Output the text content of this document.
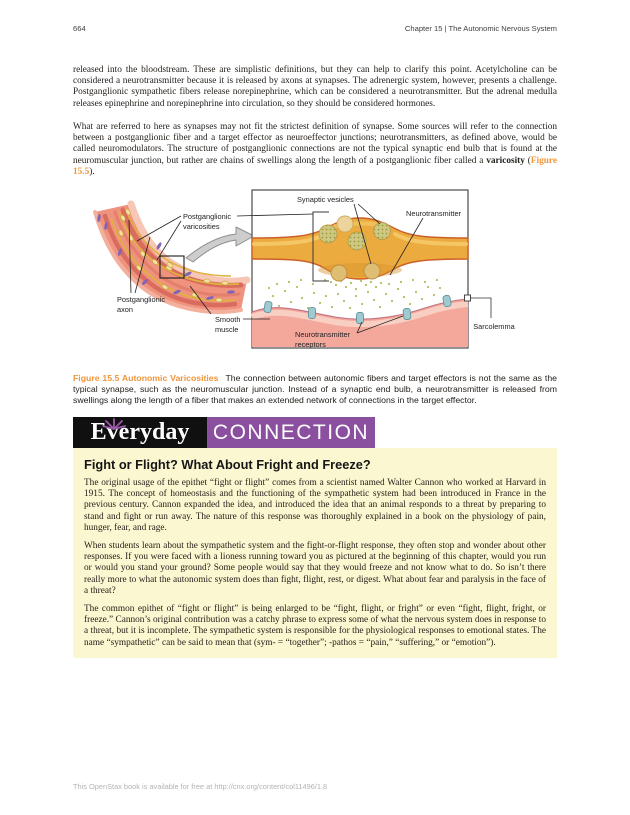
664	Chapter 15 | The Autonomic Nervous System

released into the bloodstream. These are simplistic definitions, but they can help to clarify this point. Acetylcholine can be considered a neurotransmitter because it is released by axons at synapses. The adrenergic system, however, presents a challenge. Postganglionic sympathetic fibers release norepinephrine, which can be considered a neurotransmitter. But the adrenal medulla releases epinephrine and norepinephrine into circulation, so they should be considered hormones.

What are referred to here as synapses may not fit the strictest definition of synapse. Some sources will refer to the connection between a postganglionic fiber and a target effector as neuroeffector junctions; neurotransmitters, as defined above, would be called neuromodulators. The structure of postganglionic connections are not the typical synaptic end bulb that is found at the neuromuscular junction, but rather are chains of swellings along the length of a postganglionic fiber called a varicosity (Figure 15.5).

Postganglionic
varicosities
Postganglionic
axon
Smooth
muscle
Synaptic vesicles
Neurotransmitter
Neurotransmitter
receptors
Sarcolemma

Figure 15.5 Autonomic Varicosities The connection between autonomic fibers and target effectors is not the same as the typical synapse, such as the neuromuscular junction. Instead of a synaptic end bulb, a neurotransmitter is released from swellings along the length of a fiber that makes an extended network of connections in the target effector.

Everyday CONNECTION
Fight or Flight? What About Fright and Freeze?

The original usage of the epithet “fight or flight” comes from a scientist named Walter Cannon who worked at Harvard in 1915. The concept of homeostasis and the functioning of the sympathetic system had been introduced in France in the previous century. Cannon expanded the idea, and introduced the idea that an animal responds to a threat by preparing to stand and fight or run away. The nature of this response was thoroughly explained in a book on the physiology of pain, hunger, fear, and rage.

When students learn about the sympathetic system and the fight-or-flight response, they often stop and wonder about other responses. If you were faced with a lioness running toward you as pictured at the beginning of this chapter, would you run or would you stand your ground? Some people would say that they would freeze and not know what to do. So isn’t there really more to what the autonomic system does than fight, flight, rest, or digest. What about fear and paralysis in the face of a threat?

The common epithet of “fight or flight” is being enlarged to be “fight, flight, or fright” or even “fight, flight, fright, or freeze.” Cannon’s original contribution was a catchy phrase to express some of what the nervous system does in response to a threat, but it is incomplete. The sympathetic system is responsible for the physiological responses to emotional states. The name “sympathetic” can be said to mean that (sym- = “together”; -pathos = “pain,” “suffering,” or “emotion”).

This OpenStax book is available for free at http://cnx.org/content/col11496/1.8
